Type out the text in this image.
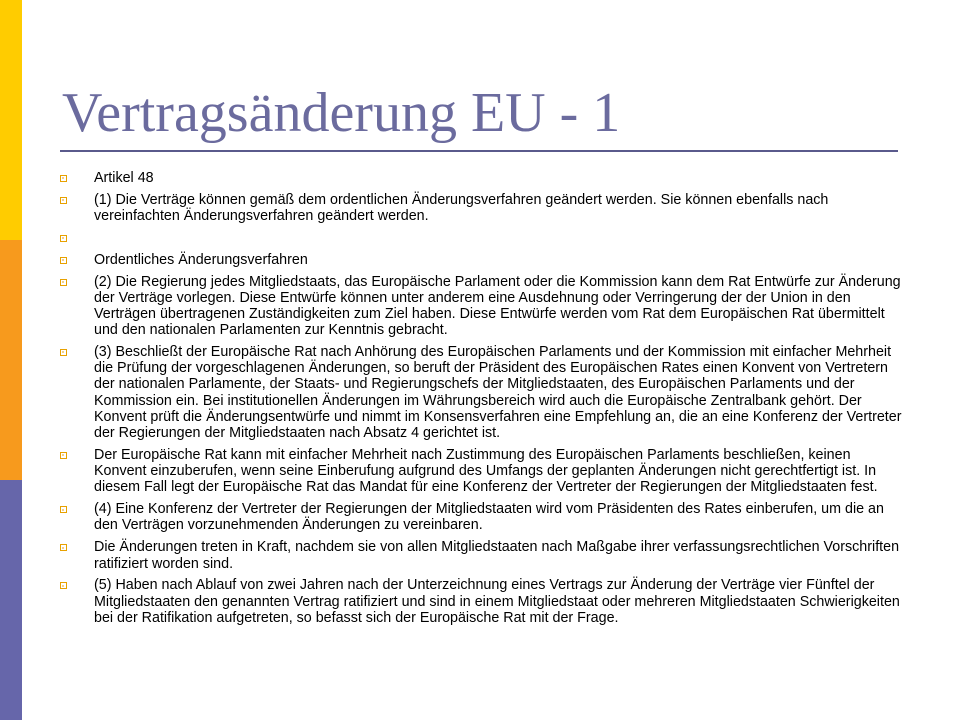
Vertragsänderung EU - 1
Artikel 48
(1) Die Verträge können gemäß dem ordentlichen Änderungsverfahren geändert werden. Sie können ebenfalls nach vereinfachten Änderungsverfahren geändert werden.
Ordentliches Änderungsverfahren
(2) Die Regierung jedes Mitgliedstaats, das Europäische Parlament oder die Kommission kann dem Rat Entwürfe zur Änderung der Verträge vorlegen. Diese Entwürfe können unter anderem eine Ausdehnung oder Verringerung der der Union in den Verträgen übertragenen Zuständigkeiten zum Ziel haben. Diese Entwürfe werden vom Rat dem Europäischen Rat übermittelt und den nationalen Parlamenten zur Kenntnis gebracht.
(3) Beschließt der Europäische Rat nach Anhörung des Europäischen Parlaments und der Kommission mit einfacher Mehrheit die Prüfung der vorgeschlagenen Änderungen, so beruft der Präsident des Europäischen Rates einen Konvent von Vertretern der nationalen Parlamente, der Staats- und Regierungschefs der Mitgliedstaaten, des Europäischen Parlaments und der Kommission ein. Bei institutionellen Änderungen im Währungsbereich wird auch die Europäische Zentralbank gehört. Der Konvent prüft die Änderungsentwürfe und nimmt im Konsensverfahren eine Empfehlung an, die an eine Konferenz der Vertreter der Regierungen der Mitgliedstaaten nach Absatz 4 gerichtet ist.
Der Europäische Rat kann mit einfacher Mehrheit nach Zustimmung des Europäischen Parlaments beschließen, keinen Konvent einzuberufen, wenn seine Einberufung aufgrund des Umfangs der geplanten Änderungen nicht gerechtfertigt ist. In diesem Fall legt der Europäische Rat das Mandat für eine Konferenz der Vertreter der Regierungen der Mitgliedstaaten fest.
(4) Eine Konferenz der Vertreter der Regierungen der Mitgliedstaaten wird vom Präsidenten des Rates einberufen, um die an den Verträgen vorzunehmenden Änderungen zu vereinbaren.
Die Änderungen treten in Kraft, nachdem sie von allen Mitgliedstaaten nach Maßgabe ihrer verfassungsrechtlichen Vorschriften ratifiziert worden sind.
(5) Haben nach Ablauf von zwei Jahren nach der Unterzeichnung eines Vertrags zur Änderung der Verträge vier Fünftel der Mitgliedstaaten den genannten Vertrag ratifiziert und sind in einem Mitgliedstaat oder mehreren Mitgliedstaaten Schwierigkeiten bei der Ratifikation aufgetreten, so befasst sich der Europäische Rat mit der Frage.
